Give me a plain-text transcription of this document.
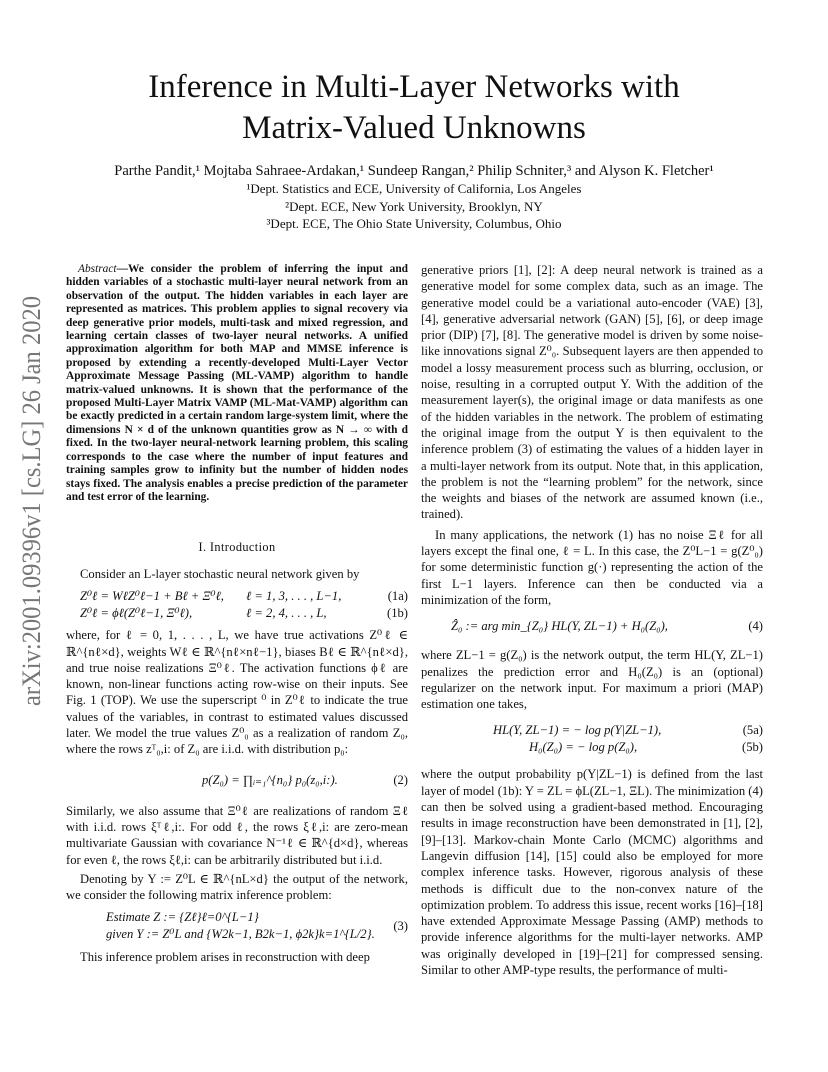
arXiv:2001.09396v1 [cs.LG] 26 Jan 2020
Inference in Multi-Layer Networks with
Matrix-Valued Unknowns
Parthe Pandit,¹ Mojtaba Sahraee-Ardakan,¹ Sundeep Rangan,² Philip Schniter,³ and Alyson K. Fletcher¹
¹Dept. Statistics and ECE, University of California, Los Angeles
²Dept. ECE, New York University, Brooklyn, NY
³Dept. ECE, The Ohio State University, Columbus, Ohio

Abstract—We consider the problem of inferring the input and hidden variables of a stochastic multi-layer neural network from an observation of the output. The hidden variables in each layer are represented as matrices. This problem applies to signal recovery via deep generative prior models, multi-task and mixed regression, and learning certain classes of two-layer neural networks. A unified approximation algorithm for both MAP and MMSE inference is proposed by extending a recently-developed Multi-Layer Vector Approximate Message Passing (ML-VAMP) algorithm to handle matrix-valued unknowns. It is shown that the performance of the proposed Multi-Layer Matrix VAMP (ML-Mat-VAMP) algorithm can be exactly predicted in a certain random large-system limit, where the dimensions N × d of the unknown quantities grow as N → ∞ with d fixed. In the two-layer neural-network learning problem, this scaling corresponds to the case where the number of input features and training samples grow to infinity but the number of hidden nodes stays fixed. The analysis enables a precise prediction of the parameter and test error of the learning.

I. Introduction

Consider an L-layer stochastic neural network given by

Z⁰ℓ = WℓZ⁰ℓ−1 + Bℓ + Ξ⁰ℓ, ℓ = 1, 3, . . . , L−1,	(1a)
Z⁰ℓ = ϕℓ(Z⁰ℓ−1, Ξ⁰ℓ),	ℓ = 2, 4, . . . , L,	(1b)

where, for ℓ = 0, 1, . . . , L, we have true activations Z⁰ℓ ∈ ℝ^{nℓ×d}, weights Wℓ ∈ ℝ^{nℓ×nℓ−1}, biases Bℓ ∈ ℝ^{nℓ×d}, and true noise realizations Ξ⁰ℓ. The activation functions ϕℓ are known, non-linear functions acting row-wise on their inputs. See Fig. 1 (TOP). We use the superscript ⁰ in Z⁰ℓ to indicate the true values of the variables, in contrast to estimated values discussed later. We model the true values Z⁰₀ as a realization of random Z₀, where the rows zᵀ₀,i: of Z₀ are i.i.d. with distribution p₀:

p(Z₀) = ∏ᵢ₌₁^{n₀} p₀(z₀,i:).	(2)

Similarly, we also assume that Ξ⁰ℓ are realizations of random Ξℓ with i.i.d. rows ξᵀℓ,i:. For odd ℓ, the rows ξℓ,i: are zero-mean multivariate Gaussian with covariance N⁻¹ℓ ∈ ℝ^{d×d}, whereas for even ℓ, the rows ξℓ,i: can be arbitrarily distributed but i.i.d.

Denoting by Y := Z⁰L ∈ ℝ^{nL×d} the output of the network, we consider the following matrix inference problem:

Estimate Z := {Zℓ}ℓ=0^{L−1}
given Y := Z⁰L and {W2k−1, B2k−1, ϕ2k}k=1^{L/2}.
(3)

This inference problem arises in reconstruction with deep

generative priors [1], [2]: A deep neural network is trained as a generative model for some complex data, such as an image. The generative model could be a variational auto-encoder (VAE) [3], [4], generative adversarial network (GAN) [5], [6], or deep image prior (DIP) [7], [8]. The generative model is driven by some noise-like innovations signal Z⁰₀. Subsequent layers are then appended to model a lossy measurement process such as blurring, occlusion, or noise, resulting in a corrupted output Y. With the addition of the measurement layer(s), the original image or data manifests as one of the hidden variables in the network. The problem of estimating the original image from the output Y is then equivalent to the inference problem (3) of estimating the values of a hidden layer in a multi-layer network from its output. Note that, in this application, the problem is not the “learning problem” for the network, since the weights and biases of the network are assumed known (i.e., trained).

In many applications, the network (1) has no noise Ξℓ for all layers except the final one, ℓ = L. In this case, the Z⁰L−1 = g(Z⁰₀) for some deterministic function g(·) representing the action of the first L−1 layers. Inference can then be conducted via a minimization of the form,

Ẑ₀ := arg min_{Z₀} HL(Y, ZL−1) + H₀(Z₀),	(4)

where ZL−1 = g(Z₀) is the network output, the term HL(Y, ZL−1) penalizes the prediction error and H₀(Z₀) is an (optional) regularizer on the network input. For maximum a priori (MAP) estimation one takes,

HL(Y, ZL−1) = − log p(Y|ZL−1),	(5a)
H₀(Z₀) = − log p(Z₀),	(5b)

where the output probability p(Y|ZL−1) is defined from the last layer of model (1b): Y = ZL = ϕL(ZL−1, ΞL). The minimization (4) can then be solved using a gradient-based method. Encouraging results in image reconstruction have been demonstrated in [1], [2], [9]–[13]. Markov-chain Monte Carlo (MCMC) algorithms and Langevin diffusion [14], [15] could also be employed for more complex inference tasks. However, rigorous analysis of these methods is difficult due to the non-convex nature of the optimization problem. To address this issue, recent works [16]–[18] have extended Approximate Message Passing (AMP) methods to provide inference algorithms for the multi-layer networks. AMP was originally developed in [19]–[21] for compressed sensing. Similar to other AMP-type results, the performance of multi-
